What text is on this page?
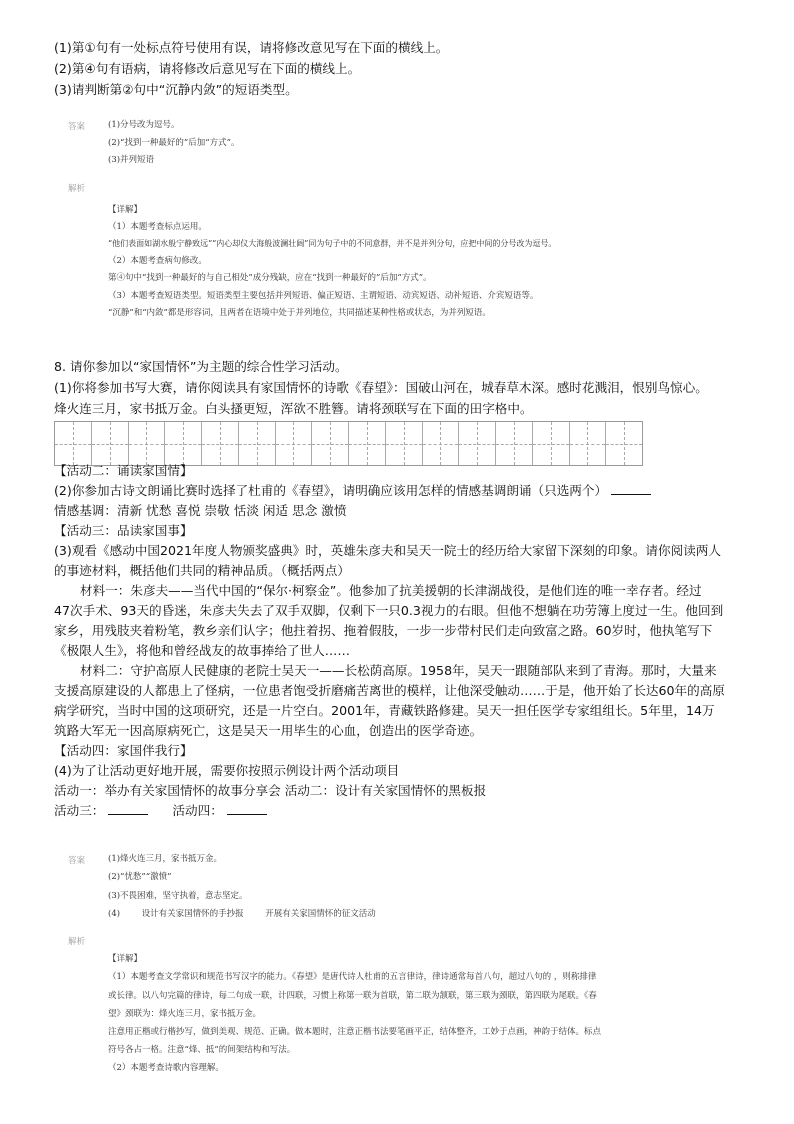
(1)第①句有一处标点符号使用有误，请将修改意见写在下面的横线上。
(2)第④句有语病，请将修改后意见写在下面的横线上。
(3)请判断第②句中“沉静内敛”的短语类型。
答案	(1)分号改为逗号。
(2)“找到一种最好的”后加“方式”。
(3)并列短语
解析
【详解】
（1）本题考查标点运用。
“他们表面如湖水般宁静致远”“内心却仪大海般波澜壮阔”同为句子中的不同意群，并不是并列分句，应把中间的分号改为逗号。
（2）本题考查病句修改。
第④句中“找到一种最好的与自己相处”成分残缺，应在“找到一种最好的”后加“方式”。
（3）本题考查短语类型。短语类型主要包括并列短语、偏正短语、主谓短语、动宾短语、动补短语、介宾短语等。
“沉静”和“内敛”都是形容词，且两者在语境中处于并列地位，共同描述某种性格或状态，为并列短语。
8. 请你参加以“家国情怀”为主题的综合性学习活动。
(1)你将参加书写大赛，请你阅读具有家国情怀的诗歌《春望》：国破山河在，城春草木深。感时花溅泪，恨别鸟惊心。
烽火连三月，家书抵万金。白头搔更短，浑欲不胜簪。请将颈联写在下面的田字格中。
【活动二：诵读家国情】
(2)你参加古诗文朗诵比赛时选择了杜甫的《春望》，请明确应该用怎样的情感基调朗诵（只选两个）
情感基调：清新 忧愁 喜悦 崇敬 恬淡 闲适 思念 激愤
【活动三：品读家国事】
(3)观看《感动中国2021年度人物颁奖盛典》时，英雄朱彦夫和吴天一院士的经历给大家留下深刻的印象。请你阅读两人
的事迹材料，概括他们共同的精神品质。（概括两点）
材料一：朱彦夫——当代中国的“保尔·柯察金”。他参加了抗美援朝的长津湖战役，是他们连的唯一幸存者。经过
47次手术、93天的昏迷，朱彦夫失去了双手双脚，仅剩下一只0.3视力的右眼。但他不想躺在功劳簿上度过一生。他回到
家乡，用残肢夹着粉笔，教乡亲们认字；他拄着拐、拖着假肢，一步一步带村民们走向致富之路。60岁时，他执笔写下
《极限人生》，将他和曾经战友的故事捧给了世人……
材料二：守护高原人民健康的老院士吴天一——长松荫高原。1958年，吴天一跟随部队来到了青海。那时，大量来
支援高原建设的人都患上了怪病，一位患者饱受折磨痛苦离世的模样，让他深受触动……于是，他开始了长达60年的高原
病学研究，当时中国的这项研究，还是一片空白。2001年，青藏铁路修建。吴天一担任医学专家组组长。5年里，14万
筑路大军无一因高原病死亡，这是吴天一用毕生的心血，创造出的医学奇迹。
【活动四：家国伴我行】
(4)为了让活动更好地开展，需要你按照示例设计两个活动项目
活动一：举办有关家国情怀的故事分享会 活动二：设计有关家国情怀的黑板报
活动三：	活动四：
答案	(1)烽火连三月，家书抵万金。
(2)“忧愁”“激愤”
(3)不畏困难，坚守执着，意志坚定。
(4)        设计有关家国情怀的手抄报        开展有关家国情怀的征文活动
解析
【详解】
（1）本题考查文学常识和规范书写汉字的能力。《春望》是唐代诗人杜甫的五言律诗，律诗通常每首八句，超过八句的 ，则称排律
或长律。以八句完篇的律诗，每二句成一联，计四联，习惯上称第一联为首联，第二联为颔联，第三联为颈联，第四联为尾联。《春
望》颈联为：烽火连三月，家书抵万金。
注意用正楷或行楷抄写，做到美观、规范、正确。做本题时，注意正楷书法要笔画平正，结体整齐，工妙于点画，神韵于结体。标点
符号各占一格。注意“烽、抵”的间架结构和写法。
（2）本题考查诗歌内容理解。
